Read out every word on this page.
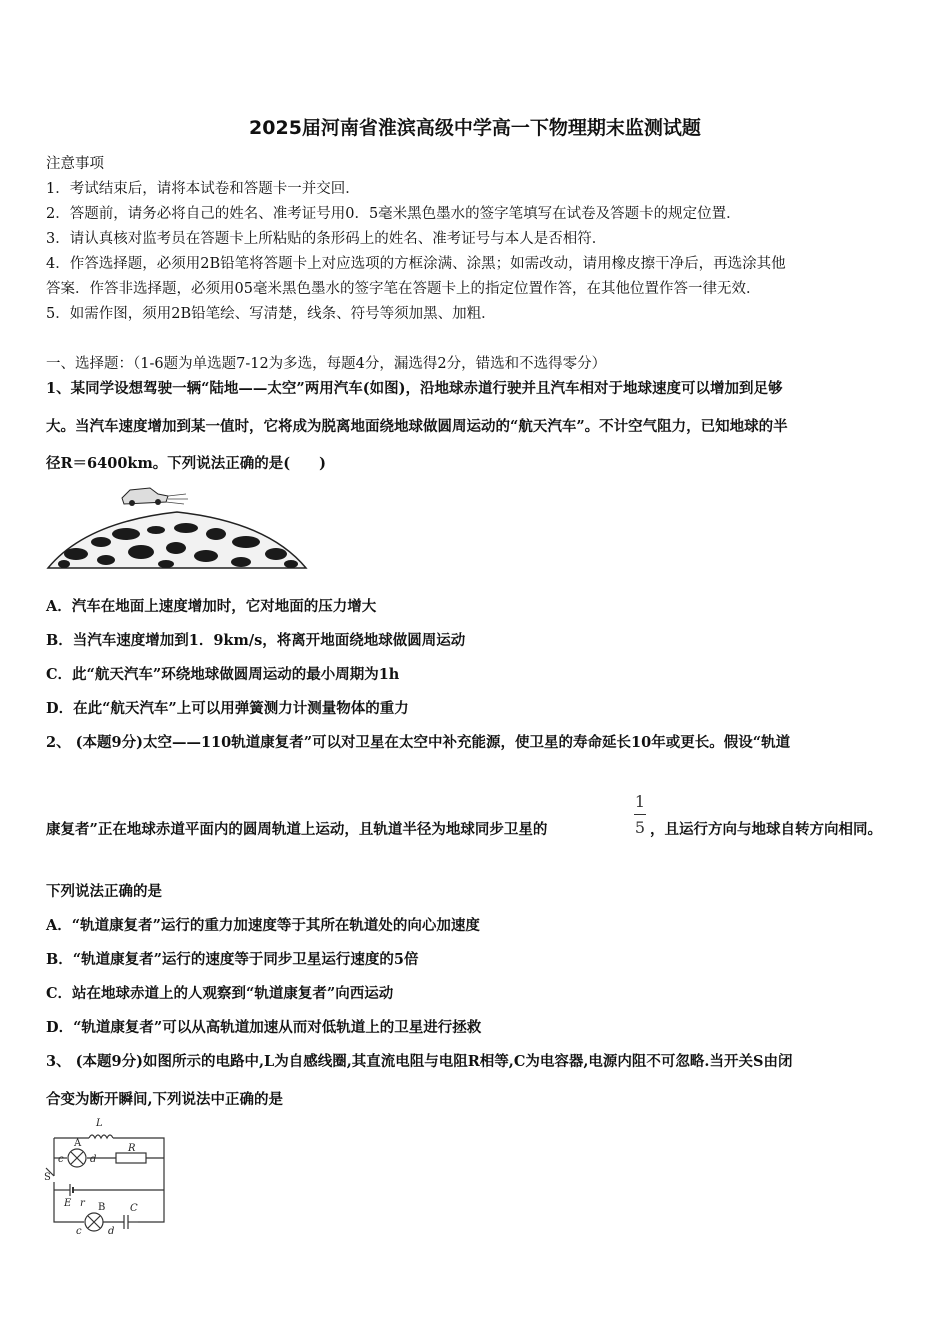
2025届河南省淮滨高级中学高一下物理期末监测试题
注意事项
1．考试结束后，请将本试卷和答题卡一并交回．
2．答题前，请务必将自己的姓名、准考证号用0．5毫米黑色墨水的签字笔填写在试卷及答题卡的规定位置．
3．请认真核对监考员在答题卡上所粘贴的条形码上的姓名、准考证号与本人是否相符．
4．作答选择题，必须用2B铅笔将答题卡上对应选项的方框涂满、涂黑；如需改动，请用橡皮擦干净后，再选涂其他
答案．作答非选择题，必须用05毫米黑色墨水的签字笔在答题卡上的指定位置作答，在其他位置作答一律无效．
5．如需作图，须用2B铅笔绘、写清楚，线条、符号等须加黑、加粗．
一、选择题：（1-6题为单选题7-12为多选，每题4分，漏选得2分，错选和不选得零分）
1、某同学设想驾驶一辆“陆地——太空”两用汽车(如图)，沿地球赤道行驶并且汽车相对于地球速度可以增加到足够
大。当汽车速度增加到某一值时，它将成为脱离地面绕地球做圆周运动的“航天汽车”。不计空气阻力，已知地球的半
径R＝6400km。下列说法正确的是(　　)
A．汽车在地面上速度增加时，它对地面的压力增大
B．当汽车速度增加到1．9km/s，将离开地面绕地球做圆周运动
C．此“航天汽车”环绕地球做圆周运动的最小周期为1h
D．在此“航天汽车”上可以用弹簧测力计测量物体的重力
2、 (本题9分)太空——110轨道康复者”可以对卫星在太空中补充能源，使卫星的寿命延长10年或更长。假设“轨道
康复者”正在地球赤道平面内的圆周轨道上运动，且轨道半径为地球同步卫星的
1
5 ，且运行方向与地球自转方向相同。
下列说法正确的是
A．“轨道康复者”运行的重力加速度等于其所在轨道处的向心加速度
B．“轨道康复者”运行的速度等于同步卫星运行速度的5倍
C．站在地球赤道上的人观察到“轨道康复者”向西运动
D．“轨道康复者”可以从高轨道加速从而对低轨道上的卫星进行拯救
3、 (本题9分)如图所示的电路中,L为自感线圈,其直流电阻与电阻R相等,C为电容器,电源内阻不可忽略.当开关S由闭
合变为断开瞬间,下列说法中正确的是
L
A
c	d
R
S
E r B C
c	d
